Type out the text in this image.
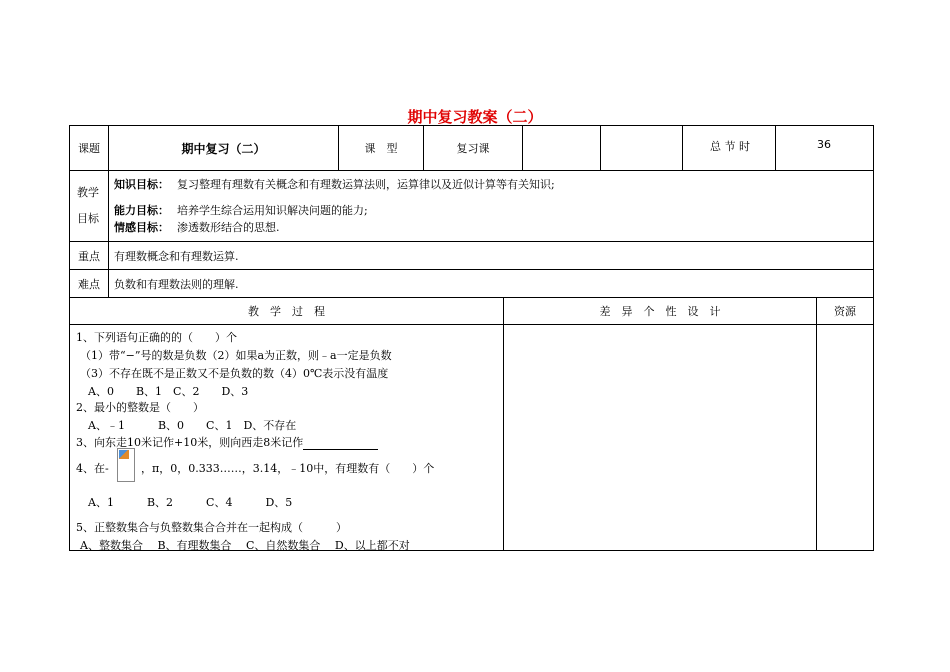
期中复习教案（二）
课题	期中复习（二）	课　型	复习课	总 节 时	36
教学
目标
知识目标： 复习整理有理数有关概念和有理数运算法则，运算律以及近似计算等有关知识;
能力目标： 培养学生综合运用知识解决问题的能力;
情感目标： 渗透数形结合的思想.
重点 有理数概念和有理数运算.
难点 负数和有理数法则的理解.
教　学　过　程	差　异　个　性　设　计	资源
1、下列语句正确的的（　　）个
（1）带“−”号的数是负数（2）如果a为正数，则﹣a一定是负数
（3）不存在既不是正数又不是负数的数（4）0℃表示没有温度
A、0　　B、1　C、2　　D、3
2、最小的整数是（　　）
A、﹣1　　　B、0　　C、1　D、不存在
3、向东走10米记作+10米，则向西走8米记作
4、在-	，π，0，0.333……，3.14，﹣10中，有理数有（　　）个
A、1　　　B、2　　　C、4　　　D、5
5、正整数集合与负整数集合合并在一起构成（　　　）
A、整数集合　 B、有理数集合　 C、自然数集合　 D、以上都不对
